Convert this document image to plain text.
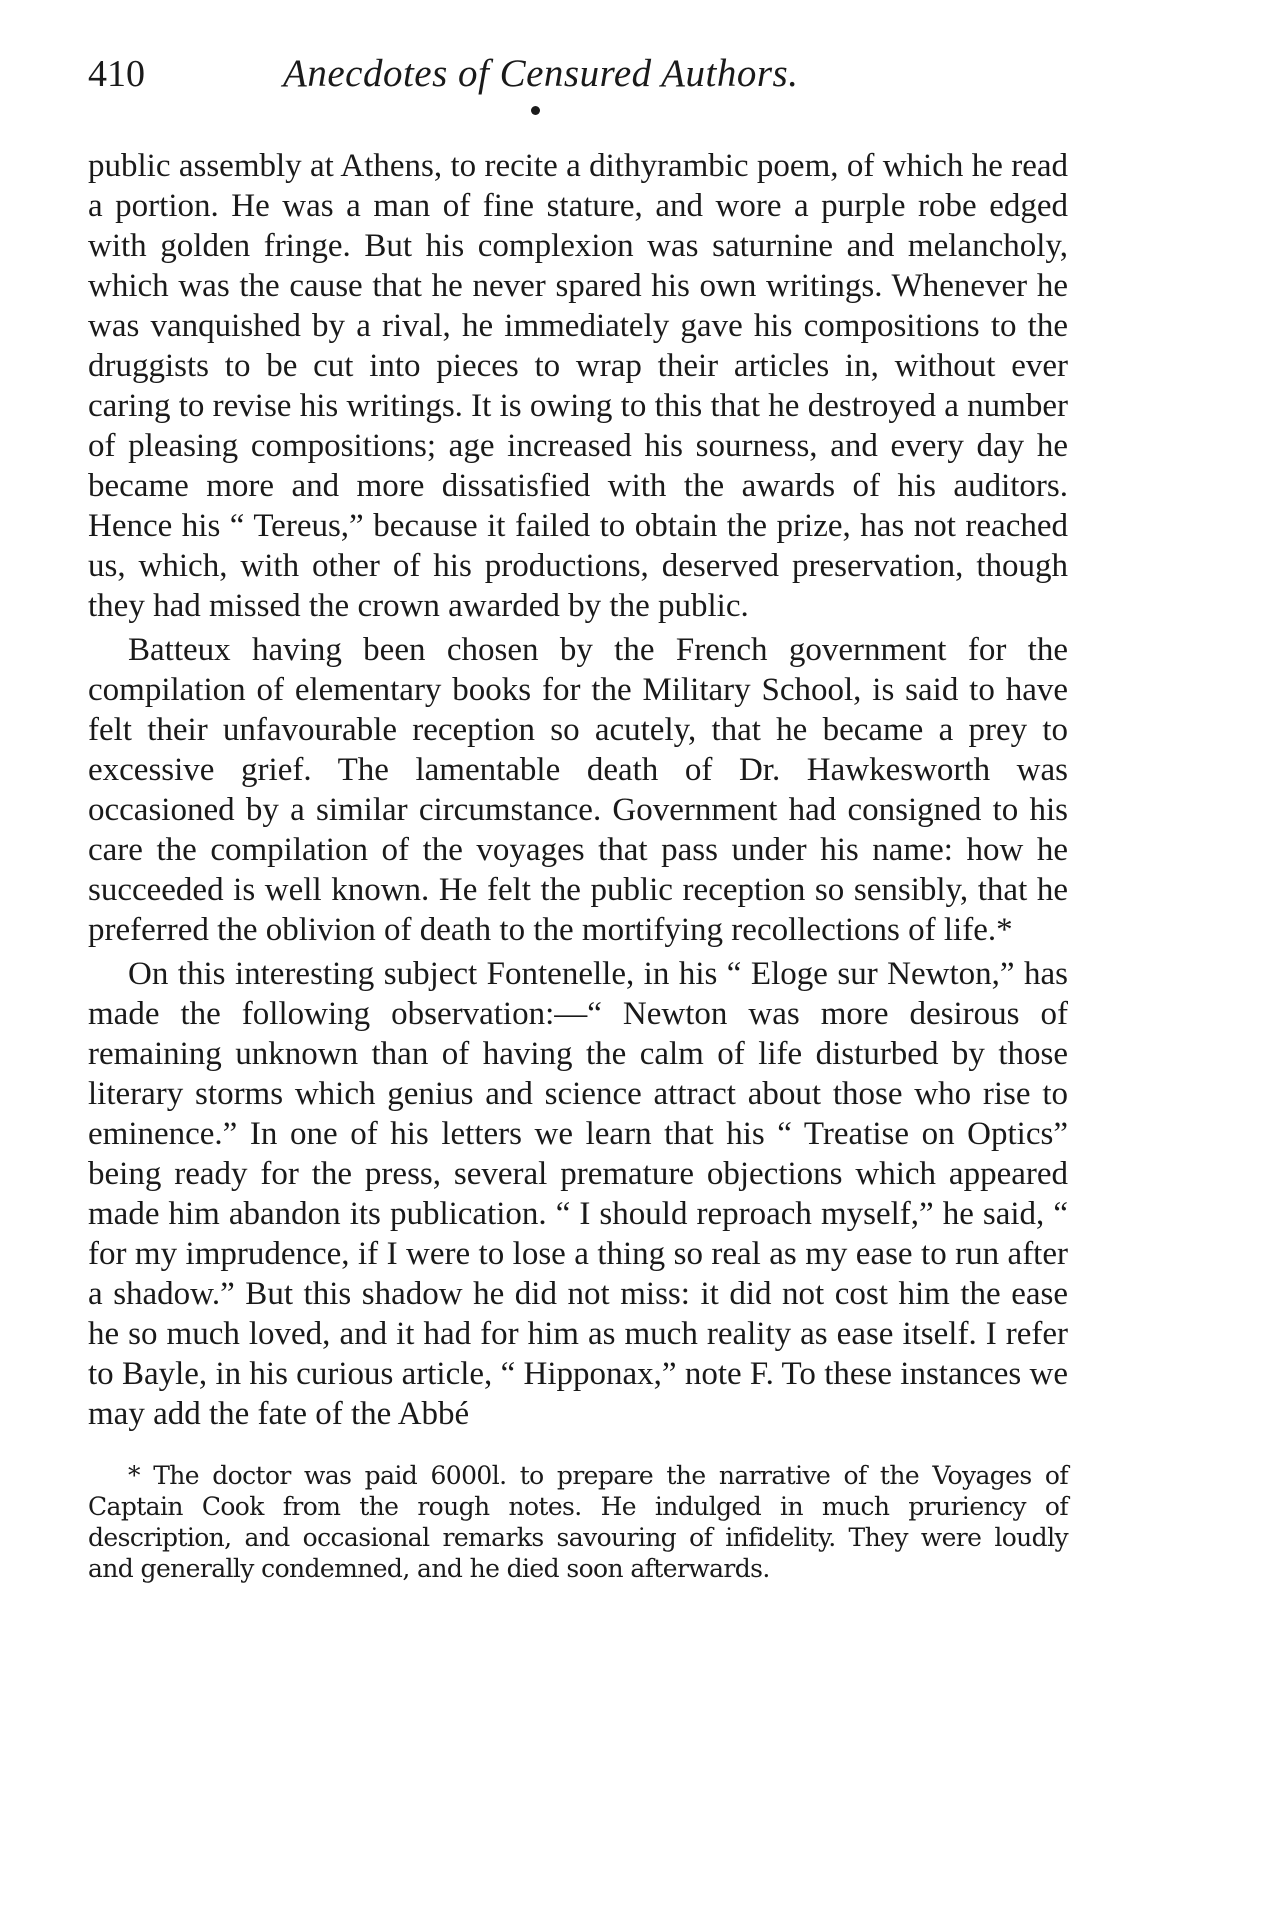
410	Anecdotes of Censured Authors.

public assembly at Athens, to recite a dithyrambic poem, of which he read a portion. He was a man of fine stature, and wore a purple robe edged with golden fringe. But his complexion was saturnine and melancholy, which was the cause that he never spared his own writings. Whenever he was vanquished by a rival, he immediately gave his compositions to the druggists to be cut into pieces to wrap their articles in, without ever caring to revise his writings. It is owing to this that he destroyed a number of pleasing compositions; age increased his sourness, and every day he became more and more dissatisfied with the awards of his auditors. Hence his “ Tereus,” because it failed to obtain the prize, has not reached us, which, with other of his productions, deserved preservation, though they had missed the crown awarded by the public.

Batteux having been chosen by the French government for the compilation of elementary books for the Military School, is said to have felt their unfavourable reception so acutely, that he became a prey to excessive grief. The lamentable death of Dr. Hawkesworth was occasioned by a similar circumstance. Government had consigned to his care the compilation of the voyages that pass under his name: how he succeeded is well known. He felt the public reception so sensibly, that he preferred the oblivion of death to the mortifying recollections of life.*

On this interesting subject Fontenelle, in his “ Eloge sur Newton,” has made the following observation:—“ Newton was more desirous of remaining unknown than of having the calm of life disturbed by those literary storms which genius and science attract about those who rise to eminence.” In one of his letters we learn that his “ Treatise on Optics” being ready for the press, several premature objections which appeared made him abandon its publication. “ I should reproach myself,” he said, “ for my imprudence, if I were to lose a thing so real as my ease to run after a shadow.” But this shadow he did not miss: it did not cost him the ease he so much loved, and it had for him as much reality as ease itself. I refer to Bayle, in his curious article, “ Hipponax,” note F. To these instances we may add the fate of the Abbé

* The doctor was paid 6000l. to prepare the narrative of the Voyages of Captain Cook from the rough notes. He indulged in much pruriency of description, and occasional remarks savouring of infidelity. They were loudly and generally condemned, and he died soon afterwards.
